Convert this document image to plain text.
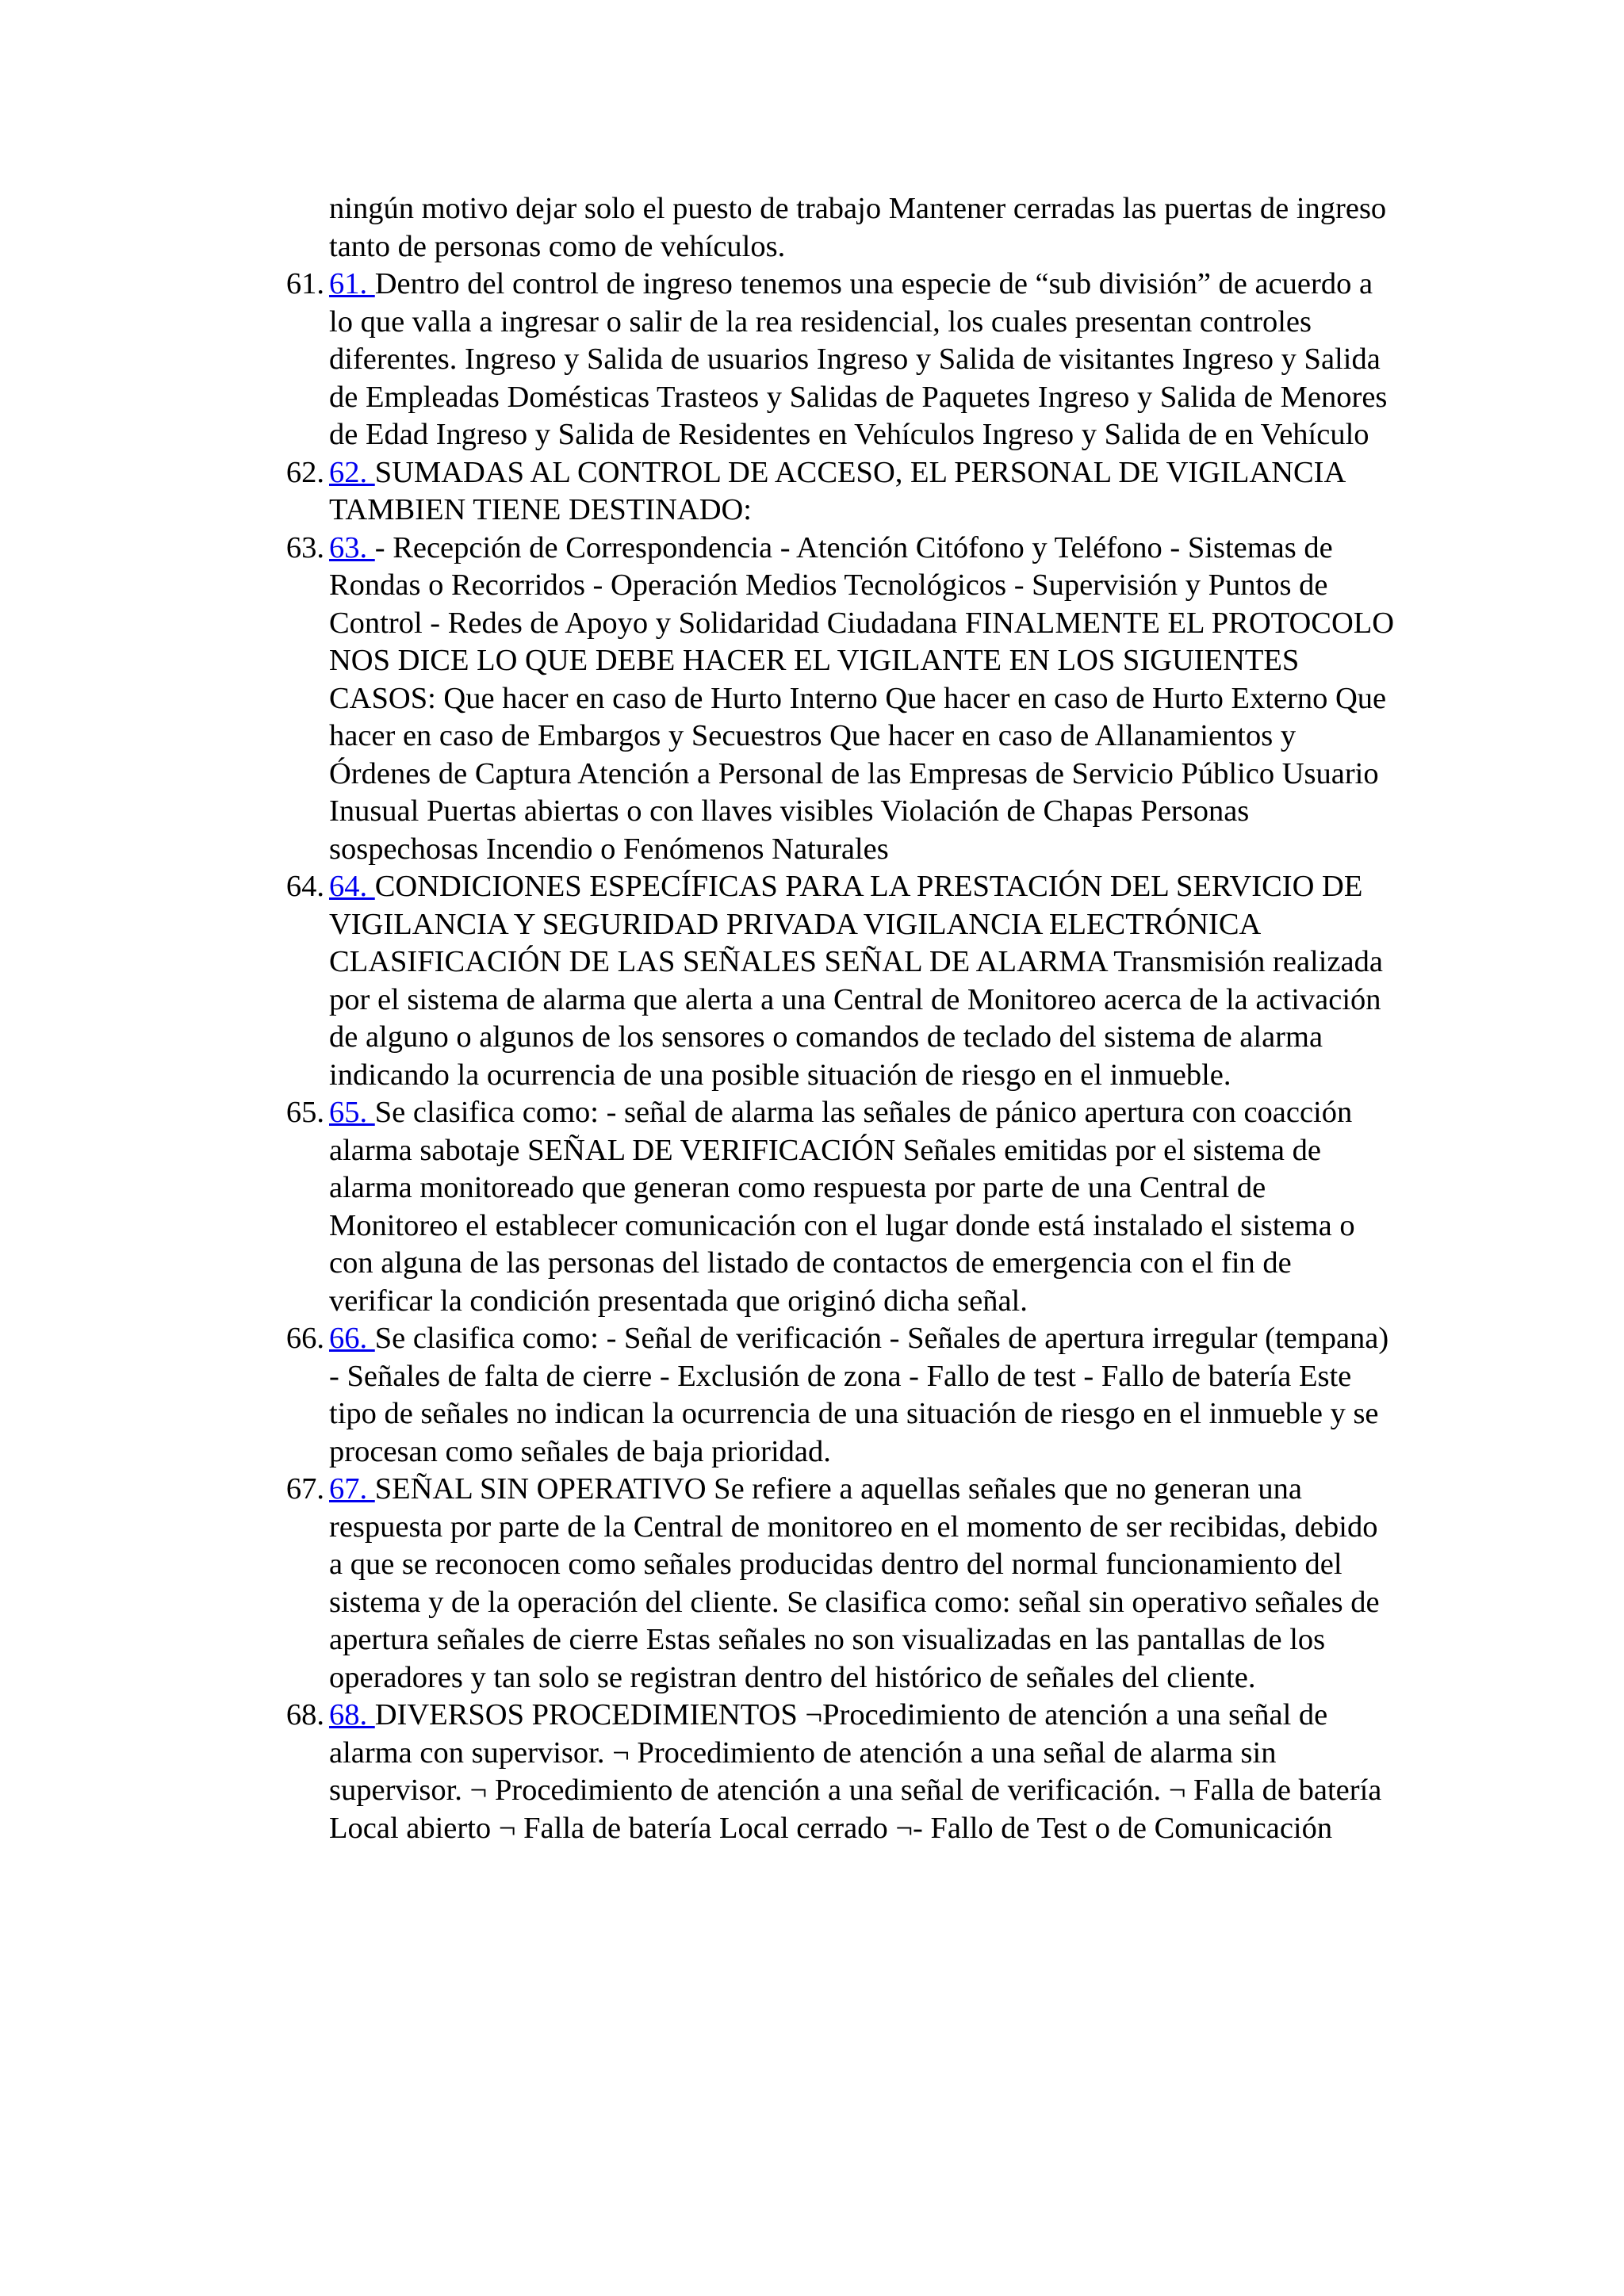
ningún motivo dejar solo el puesto de trabajo Mantener cerradas las puertas de ingreso tanto de personas como de vehículos.

61. 61. Dentro del control de ingreso tenemos una especie de “sub división” de acuerdo a lo que valla a ingresar o salir de la rea residencial, los cuales presentan controles diferentes. Ingreso y Salida de usuarios Ingreso y Salida de visitantes Ingreso y Salida de Empleadas Domésticas Trasteos y Salidas de Paquetes Ingreso y Salida de Menores de Edad Ingreso y Salida de Residentes en Vehículos Ingreso y Salida de en Vehículo
62. 62. SUMADAS AL CONTROL DE ACCESO, EL PERSONAL DE VIGILANCIA TAMBIEN TIENE DESTINADO:
63. 63. - Recepción de Correspondencia - Atención Citófono y Teléfono - Sistemas de Rondas o Recorridos - Operación Medios Tecnológicos - Supervisión y Puntos de Control - Redes de Apoyo y Solidaridad Ciudadana FINALMENTE EL PROTOCOLO NOS DICE LO QUE DEBE HACER EL VIGILANTE EN LOS SIGUIENTES CASOS: Que hacer en caso de Hurto Interno Que hacer en caso de Hurto Externo Que hacer en caso de Embargos y Secuestros Que hacer en caso de Allanamientos y Órdenes de Captura Atención a Personal de las Empresas de Servicio Público Usuario Inusual Puertas abiertas o con llaves visibles Violación de Chapas Personas sospechosas Incendio o Fenómenos Naturales
64. 64. CONDICIONES ESPECÍFICAS PARA LA PRESTACIÓN DEL SERVICIO DE VIGILANCIA Y SEGURIDAD PRIVADA VIGILANCIA ELECTRÓNICA CLASIFICACIÓN DE LAS SEÑALES SEÑAL DE ALARMA Transmisión realizada por el sistema de alarma que alerta a una Central de Monitoreo acerca de la activación de alguno o algunos de los sensores o comandos de teclado del sistema de alarma indicando la ocurrencia de una posible situación de riesgo en el inmueble.
65. 65. Se clasifica como: - señal de alarma las señales de pánico apertura con coacción alarma sabotaje SEÑAL DE VERIFICACIÓN Señales emitidas por el sistema de alarma monitoreado que generan como respuesta por parte de una Central de Monitoreo el establecer comunicación con el lugar donde está instalado el sistema o con alguna de las personas del listado de contactos de emergencia con el fin de verificar la condición presentada que originó dicha señal.
66. 66. Se clasifica como: - Señal de verificación - Señales de apertura irregular (tempana) - Señales de falta de cierre - Exclusión de zona - Fallo de test - Fallo de batería Este tipo de señales no indican la ocurrencia de una situación de riesgo en el inmueble y se procesan como señales de baja prioridad.
67. 67. SEÑAL SIN OPERATIVO Se refiere a aquellas señales que no generan una respuesta por parte de la Central de monitoreo en el momento de ser recibidas, debido a que se reconocen como señales producidas dentro del normal funcionamiento del sistema y de la operación del cliente. Se clasifica como: señal sin operativo señales de apertura señales de cierre Estas señales no son visualizadas en las pantallas de los operadores y tan solo se registran dentro del histórico de señales del cliente.
68. 68. DIVERSOS PROCEDIMIENTOS ¬Procedimiento de atención a una señal de alarma con supervisor. ¬ Procedimiento de atención a una señal de alarma sin supervisor. ¬ Procedimiento de atención a una señal de verificación. ¬ Falla de batería Local abierto ¬ Falla de batería Local cerrado ¬- Fallo de Test o de Comunicación
